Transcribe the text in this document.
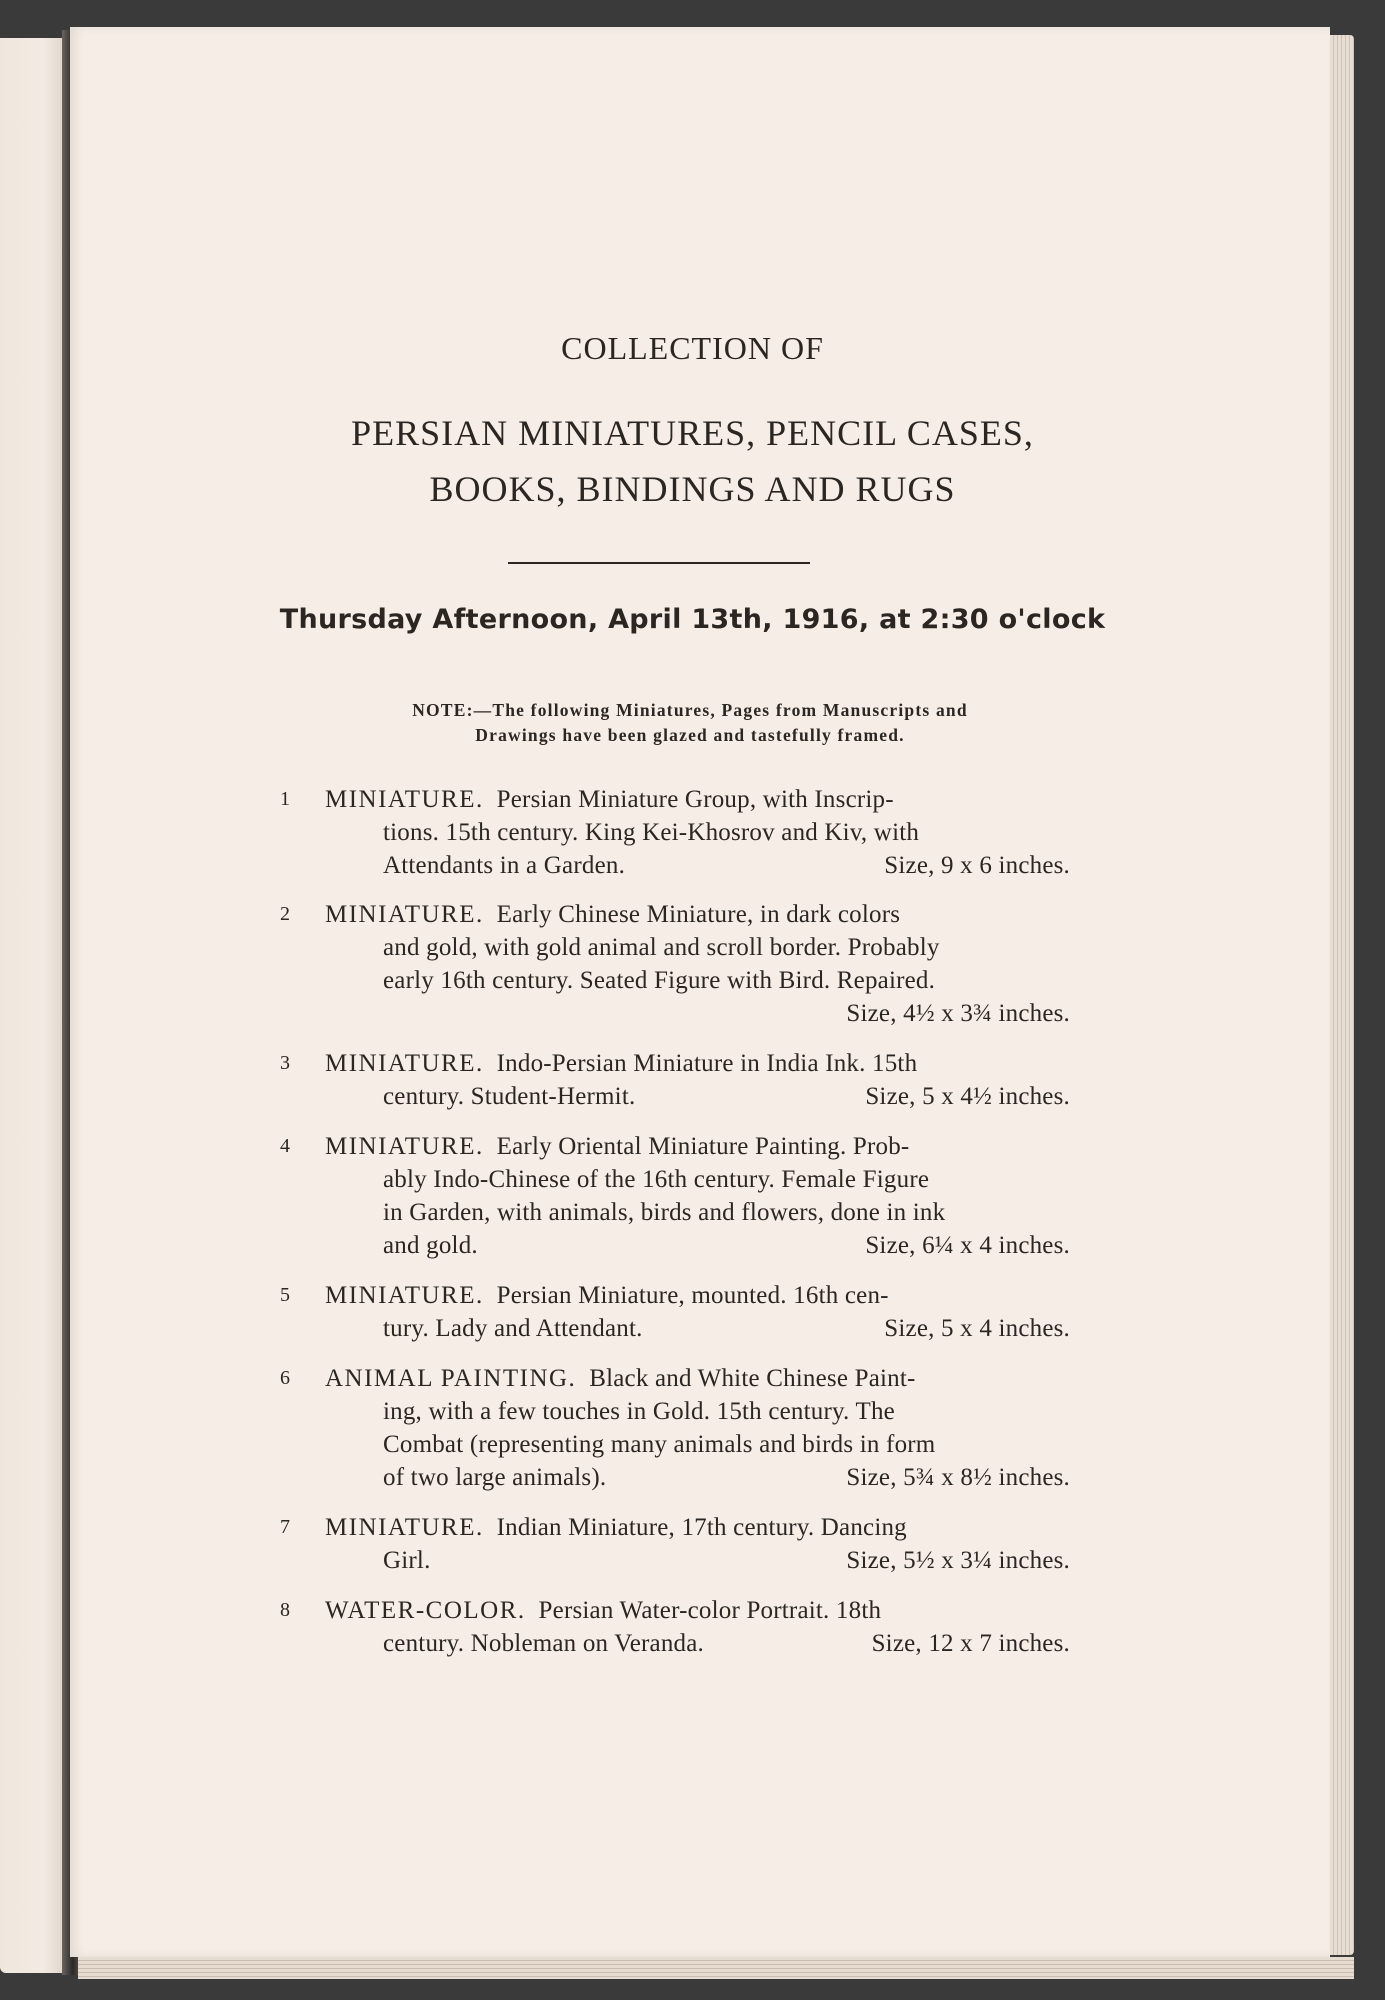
COLLECTION OF
PERSIAN MINIATURES, PENCIL CASES,
BOOKS, BINDINGS AND RUGS
Thursday Afternoon, April 13th, 1916, at 2:30 o'clock
NOTE:—The following Miniatures, Pages from Manuscripts and
Drawings have been glazed and tastefully framed.
1	MINIATURE. Persian Miniature Group, with Inscrip-
tions. 15th century. King Kei-Khosrov and Kiv, with
Attendants in a Garden.	Size, 9 x 6 inches.
2	MINIATURE. Early Chinese Miniature, in dark colors
and gold, with gold animal and scroll border. Probably
early 16th century. Seated Figure with Bird. Repaired.
Size, 4½ x 3¾ inches.
3	MINIATURE. Indo-Persian Miniature in India Ink. 15th
century. Student-Hermit.	Size, 5 x 4½ inches.
4	MINIATURE. Early Oriental Miniature Painting. Prob-
ably Indo-Chinese of the 16th century. Female Figure
in Garden, with animals, birds and flowers, done in ink
and gold.	Size, 6¼ x 4 inches.
5	MINIATURE. Persian Miniature, mounted. 16th cen-
tury. Lady and Attendant.	Size, 5 x 4 inches.
6	ANIMAL PAINTING. Black and White Chinese Paint-
ing, with a few touches in Gold. 15th century. The
Combat (representing many animals and birds in form
of two large animals).	Size, 5¾ x 8½ inches.
7	MINIATURE. Indian Miniature, 17th century. Dancing
Girl.	Size, 5½ x 3¼ inches.
8	WATER-COLOR. Persian Water-color Portrait. 18th
century. Nobleman on Veranda.	Size, 12 x 7 inches.
